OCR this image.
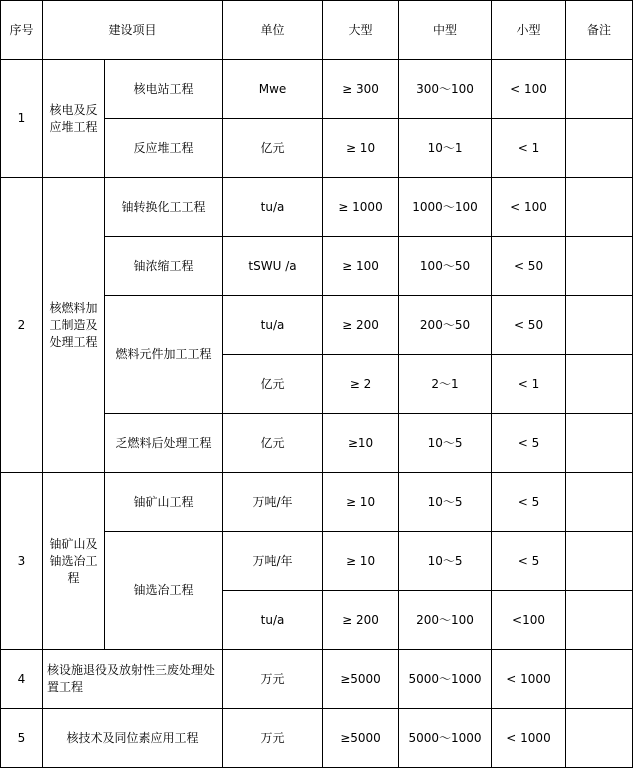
序号	建设项目		单位	大型	中型	小型	备注
1	核电及反应堆工程	核电站工程	Mwe	≥ 300	300～100	< 100	
		反应堆工程	亿元	≥ 10	10～1	< 1	
2	核燃料加工制造及处理工程	铀转换化工工程	tu/a	≥ 1000	1000～100	< 100	
		铀浓缩工程	tSWU /a	≥ 100	100～50	< 50	
		燃料元件加工工程	tu/a	≥ 200	200～50	< 50	
			亿元	≥ 2	2～1	< 1	
		乏燃料后处理工程	亿元	≥10	10～5	< 5	
3	铀矿山及铀选冶工程	铀矿山工程	万吨/年	≥ 10	10～5	< 5	
		铀选冶工程	万吨/年	≥ 10	10～5	< 5	
			tu/a	≥ 200	200～100	<100	
4	核设施退役及放射性三废处理处置工程		万元	≥5000	5000～1000	< 1000	
5	核技术及同位素应用工程		万元	≥5000	5000～1000	< 1000	
